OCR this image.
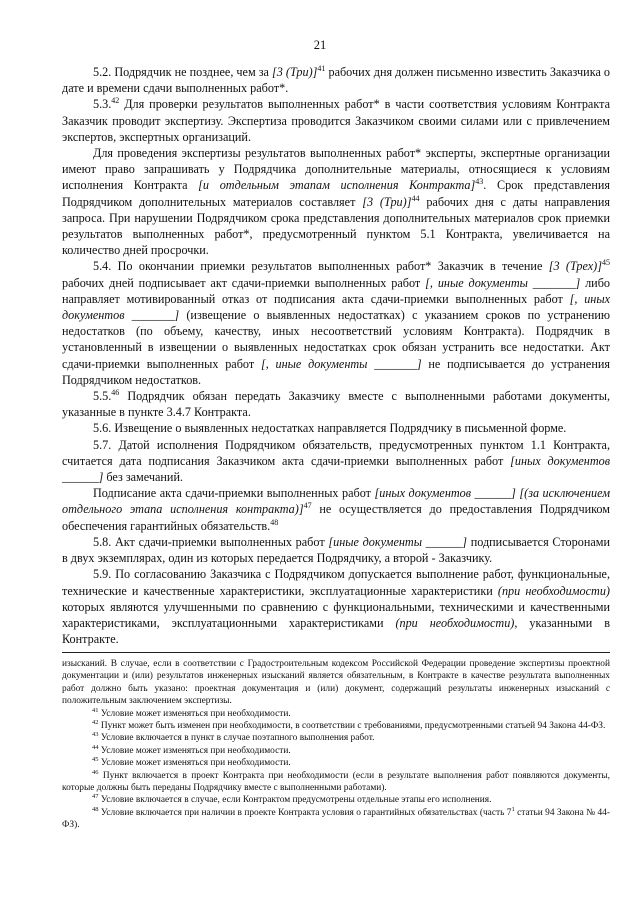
21

5.2. Подрядчик не позднее, чем за [3 (Три)]$^{41}$ рабочих дня должен письменно известить Заказчика о дате и времени сдачи выполненных работ*.

5.3.42 Для проверки результатов выполненных работ* в части соответствия условиям Контракта Заказчик проводит экспертизу. Экспертиза проводится Заказчиком своими силами или с привлечением экспертов, экспертных организаций.

Для проведения экспертизы результатов выполненных работ* эксперты, экспертные организации имеют право запрашивать у Подрядчика дополнительные материалы, относящиеся к условиям исполнения Контракта [и отдельным этапам исполнения Контракта]$^{43}$. Срок представления Подрядчиком дополнительных материалов составляет [3 (Три)]$^{44}$ рабочих дня с даты направления запроса. При нарушении Подрядчиком срока представления дополнительных материалов срок приемки результатов выполненных работ*, предусмотренный пунктом 5.1 Контракта, увеличивается на количество дней просрочки.

5.4. По окончании приемки результатов выполненных работ* Заказчик в течение [3 (Трех)]$^{45}$ рабочих дней подписывает акт сдачи-приемки выполненных работ [, иные документы _______] либо направляет мотивированный отказ от подписания акта сдачи-приемки выполненных работ [, иных документов _______] (извещение о выявленных недостатках) с указанием сроков по устранению недостатков (по объему, качеству, иных несоответствий условиям Контракта). Подрядчик в установленный в извещении о выявленных недостатках срок обязан устранить все недостатки. Акт сдачи-приемки выполненных работ [, иные документы _______] не подписывается до устранения Подрядчиком недостатков.

5.5.46 Подрядчик обязан передать Заказчику вместе с выполненными работами документы, указанные в пункте 3.4.7 Контракта.

5.6. Извещение о выявленных недостатках направляется Подрядчику в письменной форме.

5.7. Датой исполнения Подрядчиком обязательств, предусмотренных пунктом 1.1 Контракта, считается дата подписания Заказчиком акта сдачи-приемки выполненных работ [иных документов ______] без замечаний.

Подписание акта сдачи-приемки выполненных работ [иных документов ______] [(за исключением отдельного этапа исполнения контракта)]$^{47}$ не осуществляется до предоставления Подрядчиком обеспечения гарантийных обязательств.$^{48}$

5.8. Акт сдачи-приемки выполненных работ [иные документы ______] подписывается Сторонами в двух экземплярах, один из которых передается Подрядчику, а второй - Заказчику.

5.9. По согласованию Заказчика с Подрядчиком допускается выполнение работ, функциональные, технические и качественные характеристики, эксплуатационные характеристики (при необходимости) которых являются улучшенными по сравнению с функциональными, техническими и качественными характеристиками, эксплуатационными характеристиками (при необходимости), указанными в Контракте.

изысканий. В случае, если в соответствии с Градостроительным кодексом Российской Федерации проведение экспертизы проектной документации и (или) результатов инженерных изысканий является обязательным, в Контракте в качестве результата выполненных работ должно быть указано: проектная документация и (или) документ, содержащий результаты инженерных изысканий с положительным заключением экспертизы.

$^{41}$ Условие может изменяться при необходимости.

$^{42}$ Пункт может быть изменен при необходимости, в соответствии с требованиями, предусмотренными статьей 94 Закона 44-ФЗ.

$^{43}$ Условие включается в пункт в случае поэтапного выполнения работ.

$^{44}$ Условие может изменяться при необходимости.

$^{45}$ Условие может изменяться при необходимости.

$^{46}$ Пункт включается в проект Контракта при необходимости (если в результате выполнения работ появляются документы, которые должны быть переданы Подрядчику вместе с выполненными работами).

$^{47}$ Условие включается в случае, если Контрактом предусмотрены отдельные этапы его исполнения.

$^{48}$ Условие включается при наличии в проекте Контракта условия о гарантийных обязательствах (часть $7^1$ статьи 94 Закона № 44-ФЗ).
